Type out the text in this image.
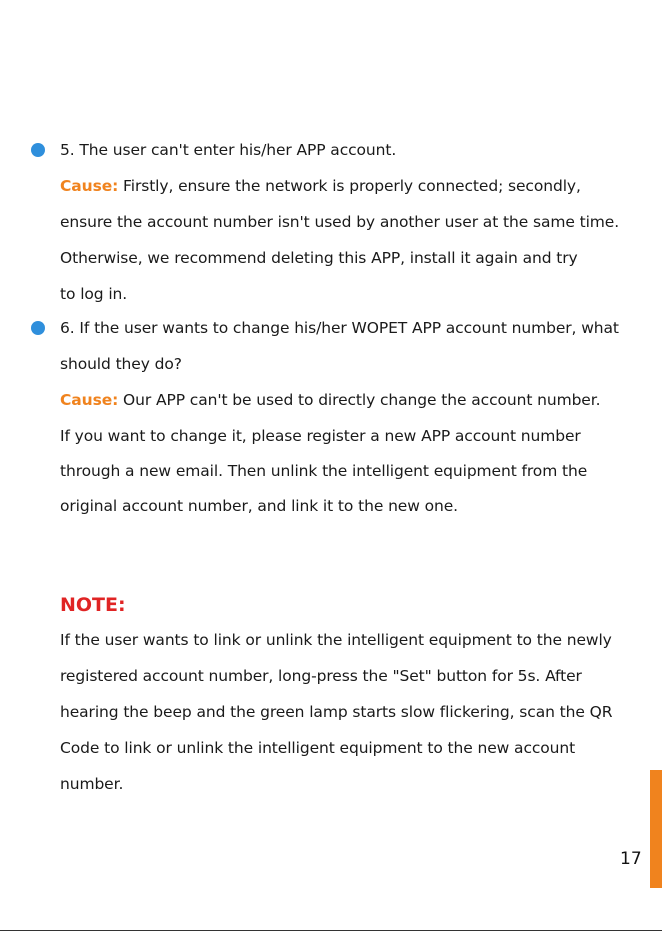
5. The user can't enter his/her APP account.
Cause: Firstly, ensure the network is properly connected; secondly,
ensure the account number isn't used by another user at the same time.
Otherwise, we recommend deleting this APP, install it again and try
to log in.
6. If the user wants to change his/her WOPET APP account number, what
should they do?
Cause: Our APP can't be used to directly change the account number.
If you want to change it, please register a new APP account number
through a new email. Then unlink the intelligent equipment from the
original account number, and link it to the new one.
NOTE:
If the user wants to link or unlink the intelligent equipment to the newly
registered account number, long-press the "Set" button for 5s. After
hearing the beep and the green lamp starts slow flickering, scan the QR
Code to link or unlink the intelligent equipment to the new account
number.
17
